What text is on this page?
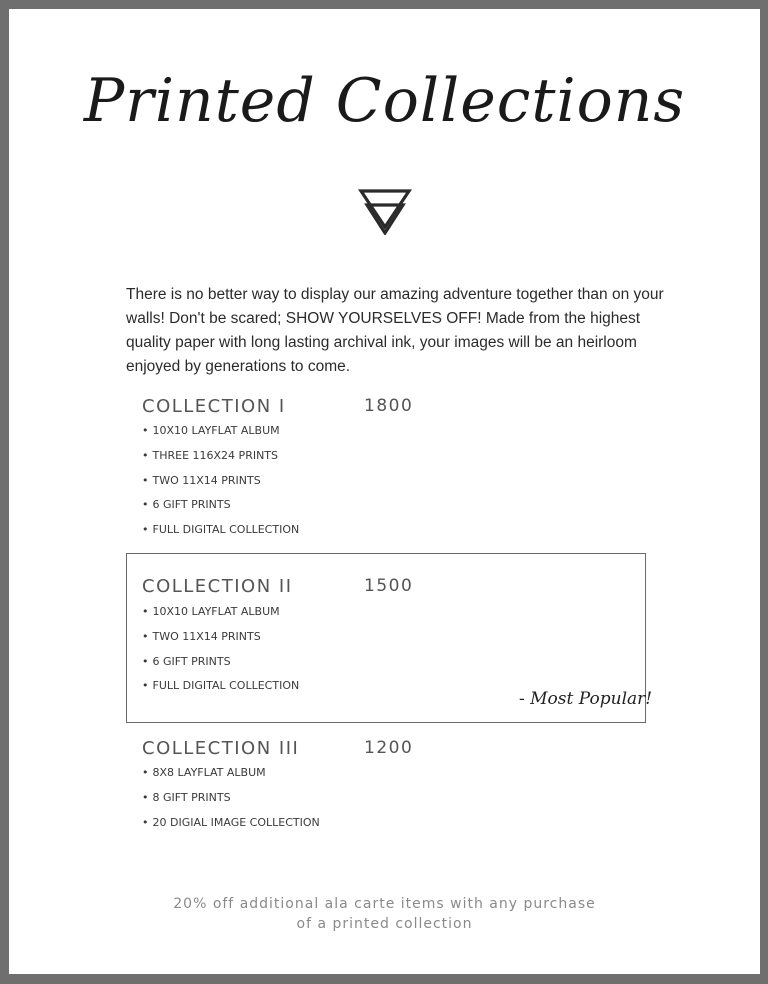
Printed Collections

There is no better way to display our amazing adventure together than on your walls! Don't be scared; SHOW YOURSELVES OFF! Made from the highest quality paper with long lasting archival ink, your images will be an heirloom enjoyed by generations to come.

COLLECTION I	1800
• 10X10 LAYFLAT ALBUM
• THREE 116X24 PRINTS
• TWO 11X14 PRINTS
• 6 GIFT PRINTS
• FULL DIGITAL COLLECTION
COLLECTION II	1500
• 10X10 LAYFLAT ALBUM
• TWO 11X14 PRINTS
• 6 GIFT PRINTS
• FULL DIGITAL COLLECTION
- Most Popular!
COLLECTION III	1200
• 8X8 LAYFLAT ALBUM
• 8 GIFT PRINTS
• 20 DIGIAL IMAGE COLLECTION
20% off additional ala carte items with any purchase
of a printed collection
